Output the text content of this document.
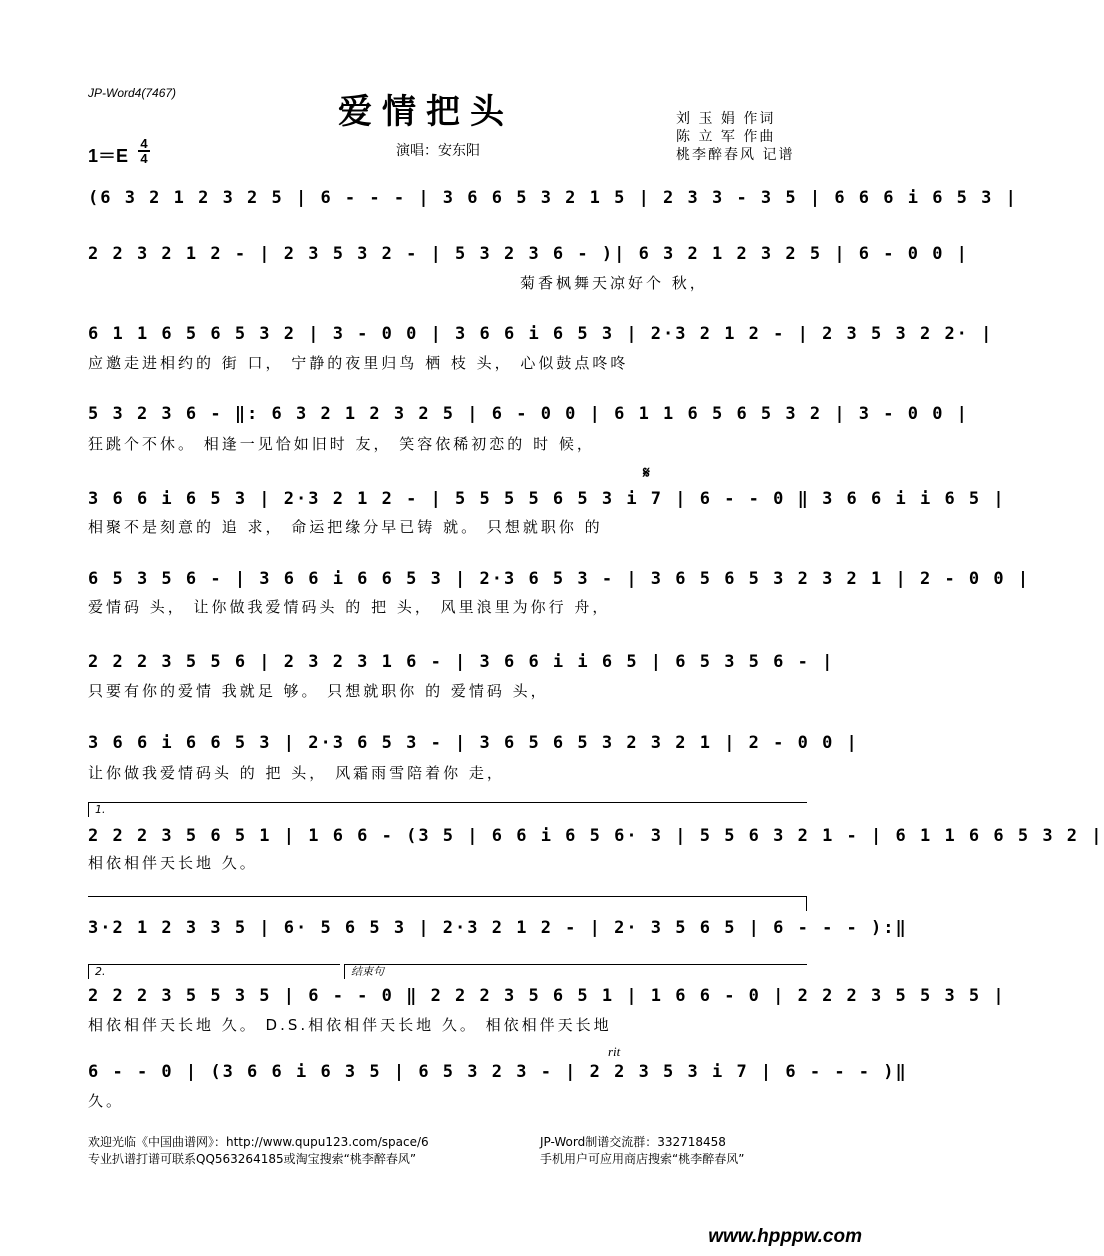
JP-Word4(7467)	爱情把头	刘 玉 娟 作词
陈 立 军 作曲
桃李醉春风 记谱
1＝E
4
4	演唱：安东阳
(6 3 2 1 2 3 2 5 | 6 - - - | 3 6 6 5 3 2 1 5 | 2 3 3 - 3 5 | 6 6 6 i 6 5 3 |
2 2 3 2 1 2 - | 2 3 5 3 2 - | 5 3 2 3 6 - )| 6 3 2 1 2 3 2 5 | 6 - 0 0 |
菊香枫舞天凉好个 秋，
6 1 1 6 5 6 5 3 2 | 3 - 0 0 | 3 6 6 i 6 5 3 | 2·3 2 1 2 - | 2 3 5 3 2 2· |
应邀走进相约的 街 口， 宁静的夜里归鸟 栖 枝 头， 心似鼓点咚咚
5 3 2 3 6 - ‖: 6 3 2 1 2 3 2 5 | 6 - 0 0 | 6 1 1 6 5 6 5 3 2 | 3 - 0 0 |
狂跳个不休。 相逢一见恰如旧时 友， 笑容依稀初恋的 时 候，
𝄋
3 6 6 i 6 5 3 | 2·3 2 1 2 - | 5 5 5 5 6 5 3 i 7 | 6 - - 0 ‖ 3 6 6 i i 6 5 |
相聚不是刻意的 追 求， 命运把缘分早已铸 就。 只想就职你 的
6 5 3 5 6 - | 3 6 6 i 6 6 5 3 | 2·3 6 5 3 - | 3 6 5 6 5 3 2 3 2 1 | 2 - 0 0 |
爱情码 头， 让你做我爱情码头 的 把 头， 风里浪里为你行 舟，
2 2 2 3 5 5 6 | 2 3 2 3 1 6 - | 3 6 6 i i 6 5 | 6 5 3 5 6 - |
只要有你的爱情 我就足 够。 只想就职你 的 爱情码 头，
3 6 6 i 6 6 5 3 | 2·3 6 5 3 - | 3 6 5 6 5 3 2 3 2 1 | 2 - 0 0 |
让你做我爱情码头 的 把 头， 风霜雨雪陪着你 走，
1.
2 2 2 3 5 6 5 1 | 1 6 6 - (3 5 | 6 6 i 6 5 6· 3 | 5 5 6 3 2 1 - | 6 1 1 6 6 5 3 2 |
相依相伴天长地 久。
3·2 1 2 3 3 5 | 6· 5 6 5 3 | 2·3 2 1 2 - | 2· 3 5 6 5 | 6 - - - ):‖
2.	结束句
2 2 2 3 5 5 3 5 | 6 - - 0 ‖ 2 2 2 3 5 6 5 1 | 1 6 6 - 0 | 2 2 2 3 5 5 3 5 |
相依相伴天长地 久。 D.S.相依相伴天长地 久。 相依相伴天长地
rit
6 - - 0 | (3 6 6 i 6 3 5 | 6 5 3 2 3 - | 2 2 3 5 3 i 7 | 6 - - - )‖
久。
欢迎光临《中国曲谱网》：http://www.qupu123.com/space/6
专业扒谱打谱可联系QQ563264185或淘宝搜索“桃李醉春风”
JP-Word制谱交流群：332718458
手机用户可应用商店搜索“桃李醉春风”
www.hpppw.com
